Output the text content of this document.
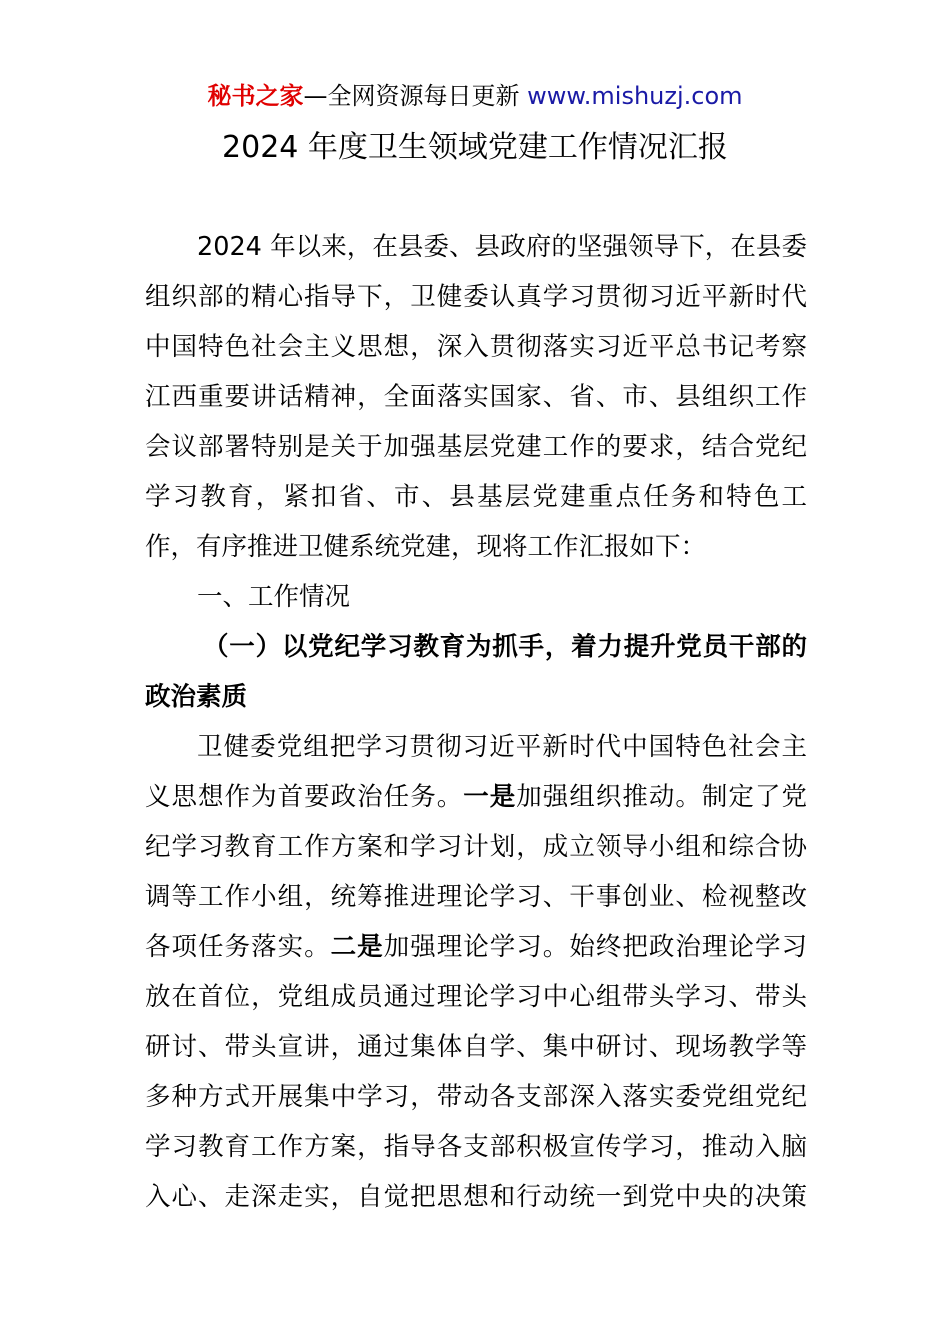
秘书之家—全网资源每日更新 www.mishuzj.com
2024 年度卫生领域党建工作情况汇报
2024 年以来，在县委、县政府的坚强领导下，在县委
组织部的精心指导下，卫健委认真学习贯彻习近平新时代
中国特色社会主义思想，深入贯彻落实习近平总书记考察
江西重要讲话精神，全面落实国家、省、市、县组织工作
会议部署特别是关于加强基层党建工作的要求，结合党纪
学习教育，紧扣省、市、县基层党建重点任务和特色工
作，有序推进卫健系统党建，现将工作汇报如下：
一、工作情况
（一）以党纪学习教育为抓手，着力提升党员干部的
政治素质
卫健委党组把学习贯彻习近平新时代中国特色社会主
义思想作为首要政治任务。一是加强组织推动。制定了党
纪学习教育工作方案和学习计划，成立领导小组和综合协
调等工作小组，统筹推进理论学习、干事创业、检视整改
各项任务落实。二是加强理论学习。始终把政治理论学习
放在首位，党组成员通过理论学习中心组带头学习、带头
研讨、带头宣讲，通过集体自学、集中研讨、现场教学等
多种方式开展集中学习，带动各支部深入落实委党组党纪
学习教育工作方案，指导各支部积极宣传学习，推动入脑
入心、走深走实，自觉把思想和行动统一到党中央的决策
